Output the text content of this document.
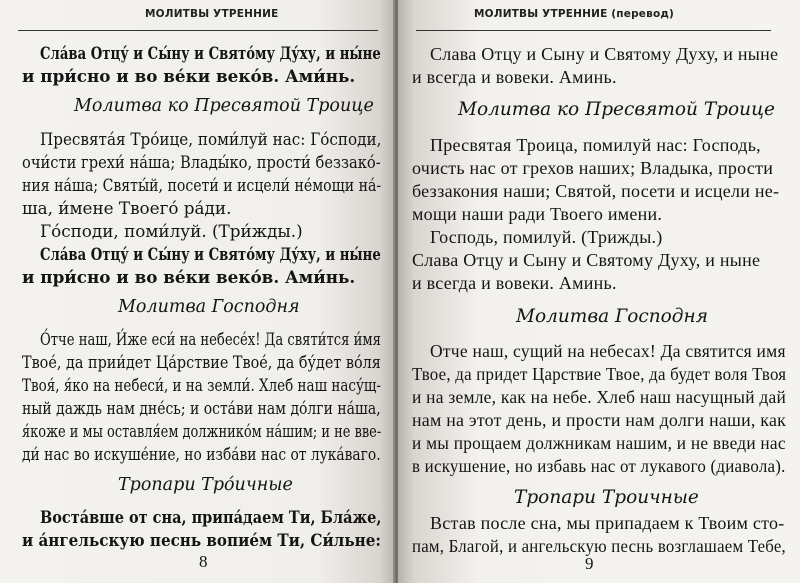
МОЛИТВЫ УТРЕННИЕ
Сла́ва Отцу́ и Сы́ну и Свято́му Ду́ху, и ны́не
и при́сно и во ве́ки веко́в. Ами́нь.
Молитва ко Пресвятой Троице
Пресвята́я Тро́ице, поми́луй нас: Го́споди,
очи́сти грехи́ на́ша; Влады́ко, прости́ беззако́-
ния на́ша; Святы́й, посети́ и исцели́ не́мощи на́-
ша, и́мене Твоего́ ра́ди.
Го́споди, поми́луй. (Три́жды.)
Сла́ва Отцу́ и Сы́ну и Свято́му Ду́ху, и ны́не
и при́сно и во ве́ки веко́в. Ами́нь.
Молитва Господня
О́тче наш, И́же еси́ на небесе́х! Да святи́тся и́мя
Твое́, да прии́дет Ца́рствие Твое́, да бу́дет во́ля
Твоя́, я́ко на небеси́, и на земли́. Хлеб наш насу́щ-
ный даждь нам дне́сь; и оста́ви нам до́лги на́ша,
я́коже и мы оставля́ем должнико́м на́шим; и не вве-
ди́ нас во искуше́ние, но изба́ви нас от лука́ваго.
Тропари Тро́ичные
Воста́вше от сна, припа́даем Ти, Бла́же,
и а́нгельскую песнь вопие́м Ти, Си́льне:
8
МОЛИТВЫ УТРЕННИЕ (перевод)
Слава Отцу и Сыну и Святому Духу, и ныне
и всегда и вовеки. Аминь.
Молитва ко Пресвятой Троице
Пресвятая Троица, помилуй нас: Господь,
очисть нас от грехов наших; Владыка, прости
беззакония наши; Святой, посети и исцели не-
мощи наши ради Твоего имени.
Господь, помилуй. (Трижды.)
Слава Отцу и Сыну и Святому Духу, и ныне
и всегда и вовеки. Аминь.
Молитва Господня
Отче наш, сущий на небесах! Да святится имя
Твое, да придет Царствие Твое, да будет воля Твоя
и на земле, как на небе. Хлеб наш насущный дай
нам на этот день, и прости нам долги наши, как
и мы прощаем должникам нашим, и не введи нас
в искушение, но избавь нас от лукавого (диавола).
Тропари Троичные
Встав после сна, мы припадаем к Твоим сто-
пам, Благой, и ангельскую песнь возглашаем Тебе,
9
